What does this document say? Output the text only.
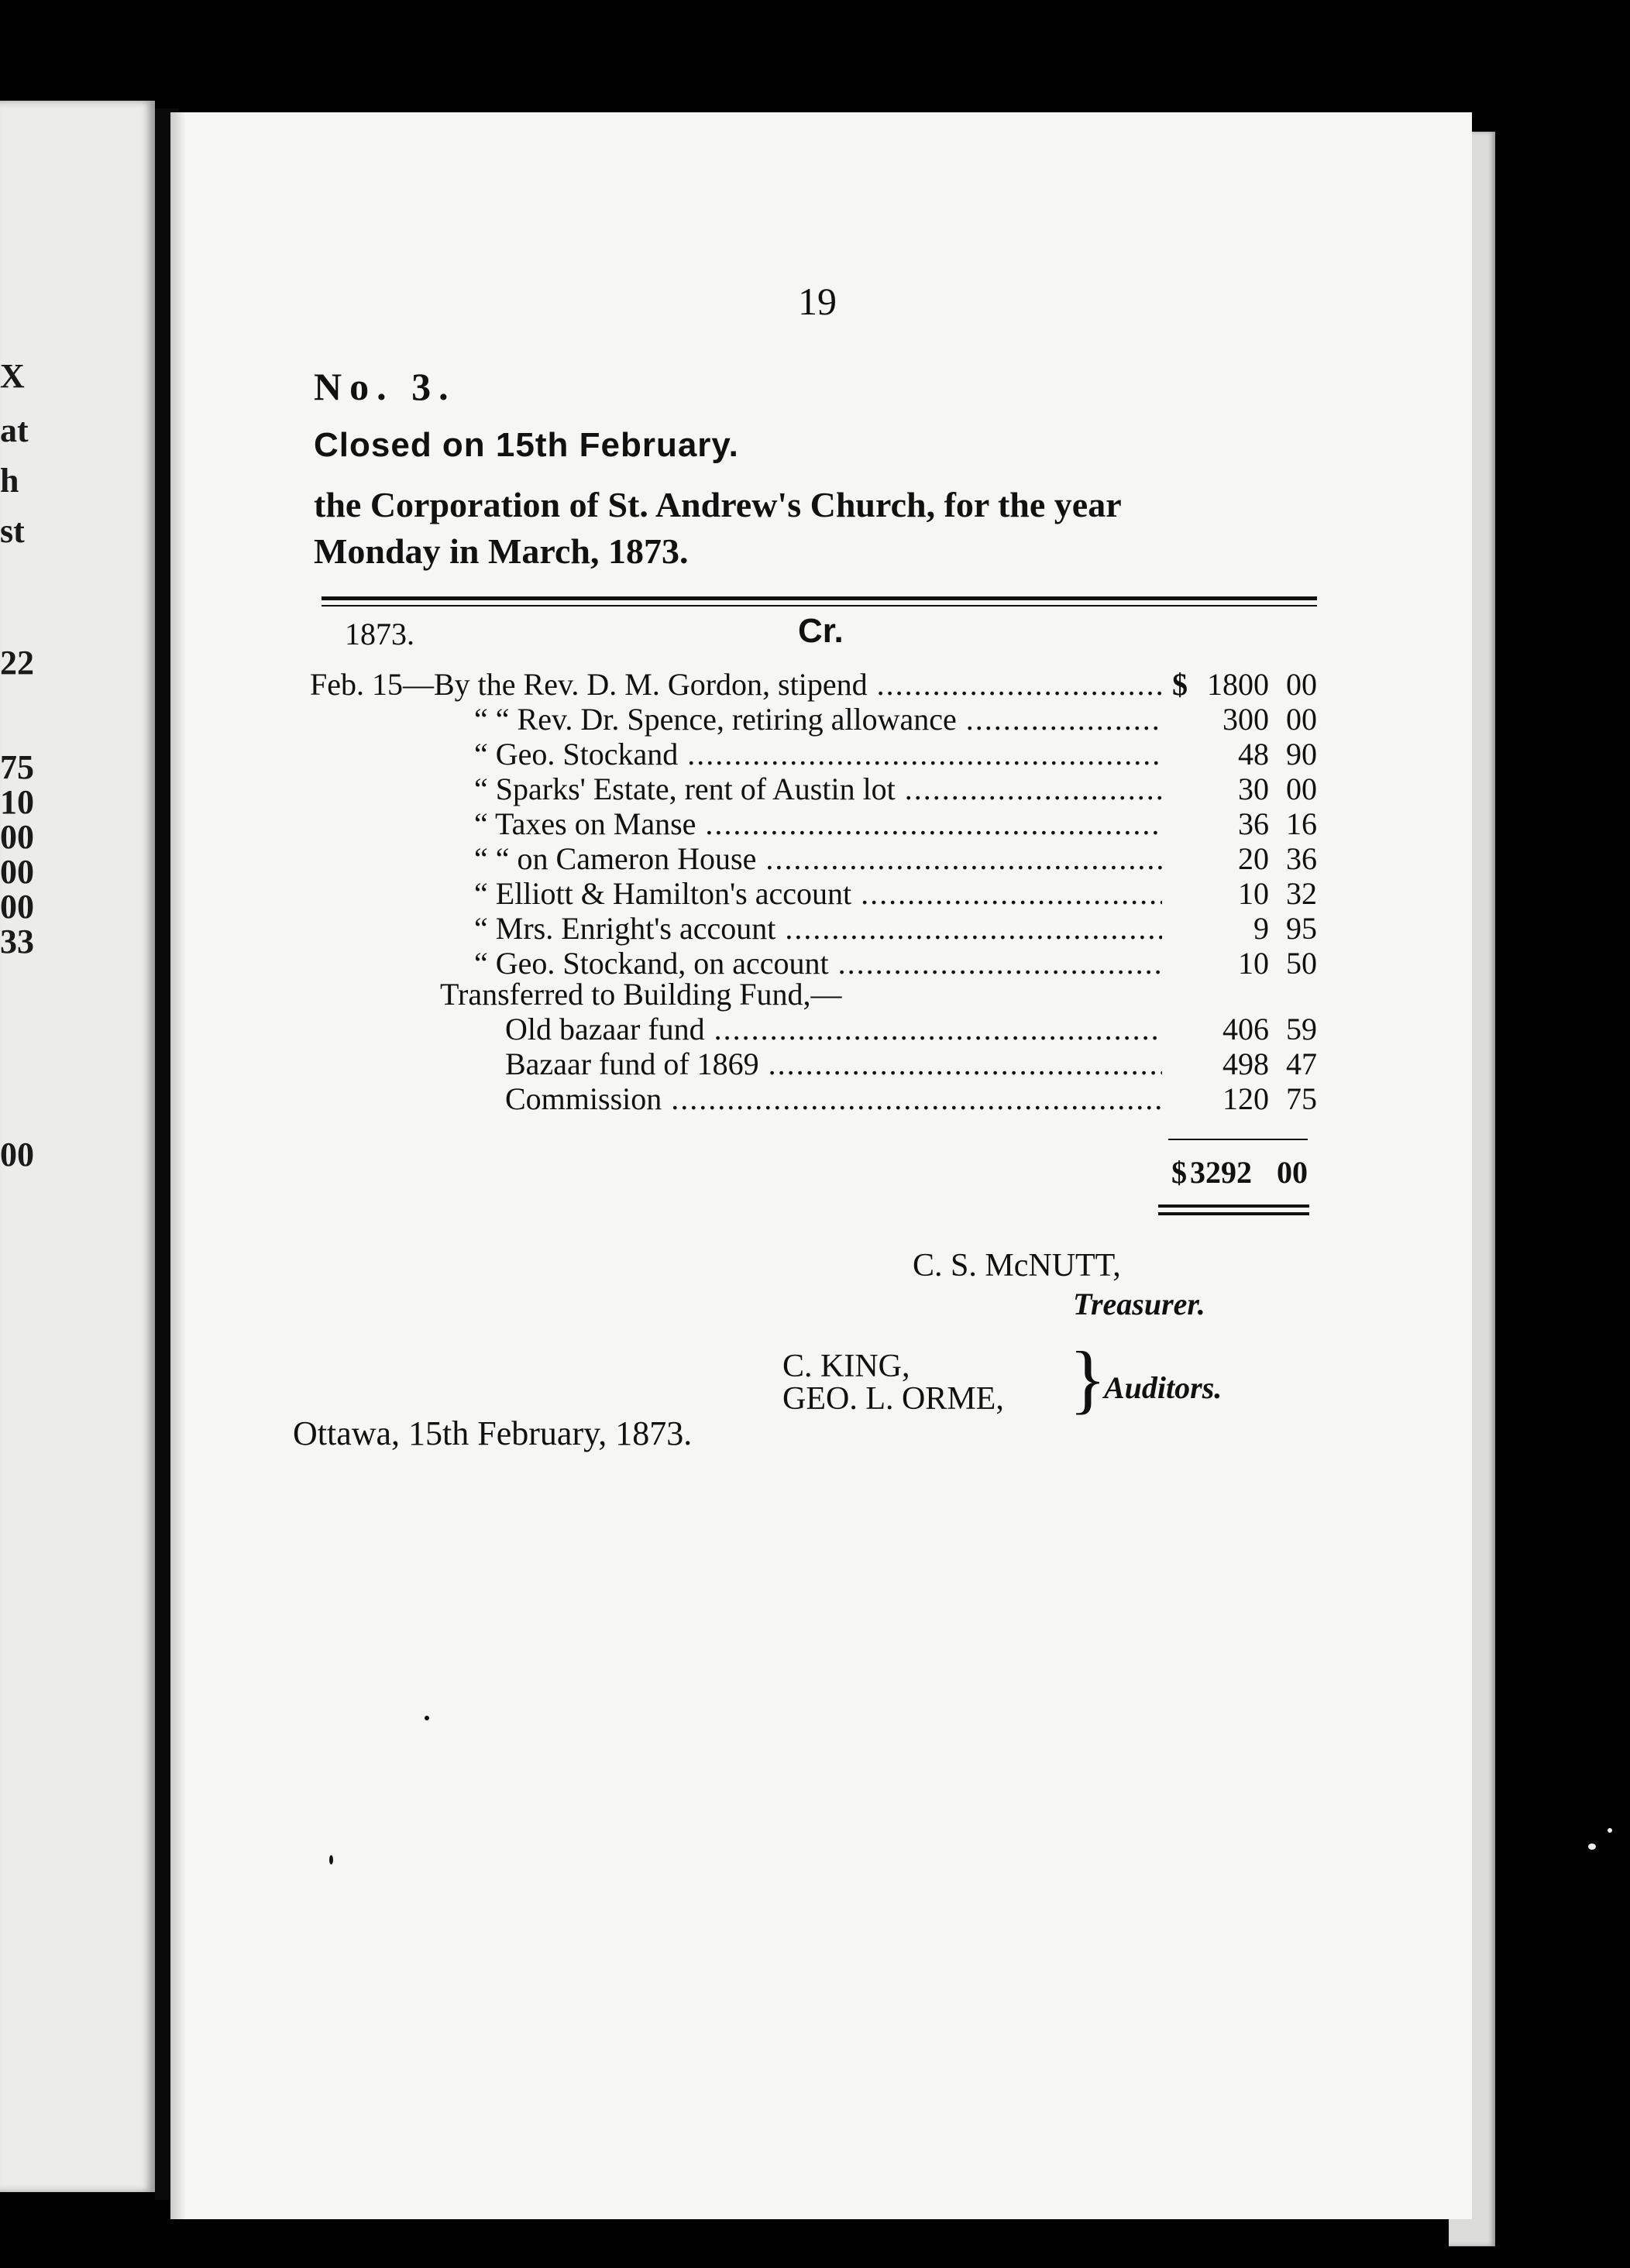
X
at
h
st
22
75
10
00
00
00
33
00
19
No. 3.
Closed on 15th February.
the Corporation of St. Andrew's Church, for the year
Monday in March, 1873.
1873.	Cr.
Feb. 15—By the Rev. D. M. Gordon, stipend .....	$ 1800 00
“ “ Rev. Dr. Spence, retiring allowance .....	300 00
“ Geo. Stockand .....	48 90
“ Sparks' Estate, rent of Austin lot .....	30 00
“ Taxes on Manse .....	36 16
“ “ on Cameron House .....	20 36
“ Elliott & Hamilton's account .....	10 32
“ Mrs. Enright's account .....	9 95
“ Geo. Stockand, on account .....	10 50
Transferred to Building Fund,—
Old bazaar fund .....	406 59
Bazaar fund of 1869 .....	498 47
Commission .....	120 75
$ 3292 00
C. S. McNUTT,
Treasurer.
C. KING,
GEO. L. ORME, }
Auditors.
Ottawa, 15th February, 1873.
